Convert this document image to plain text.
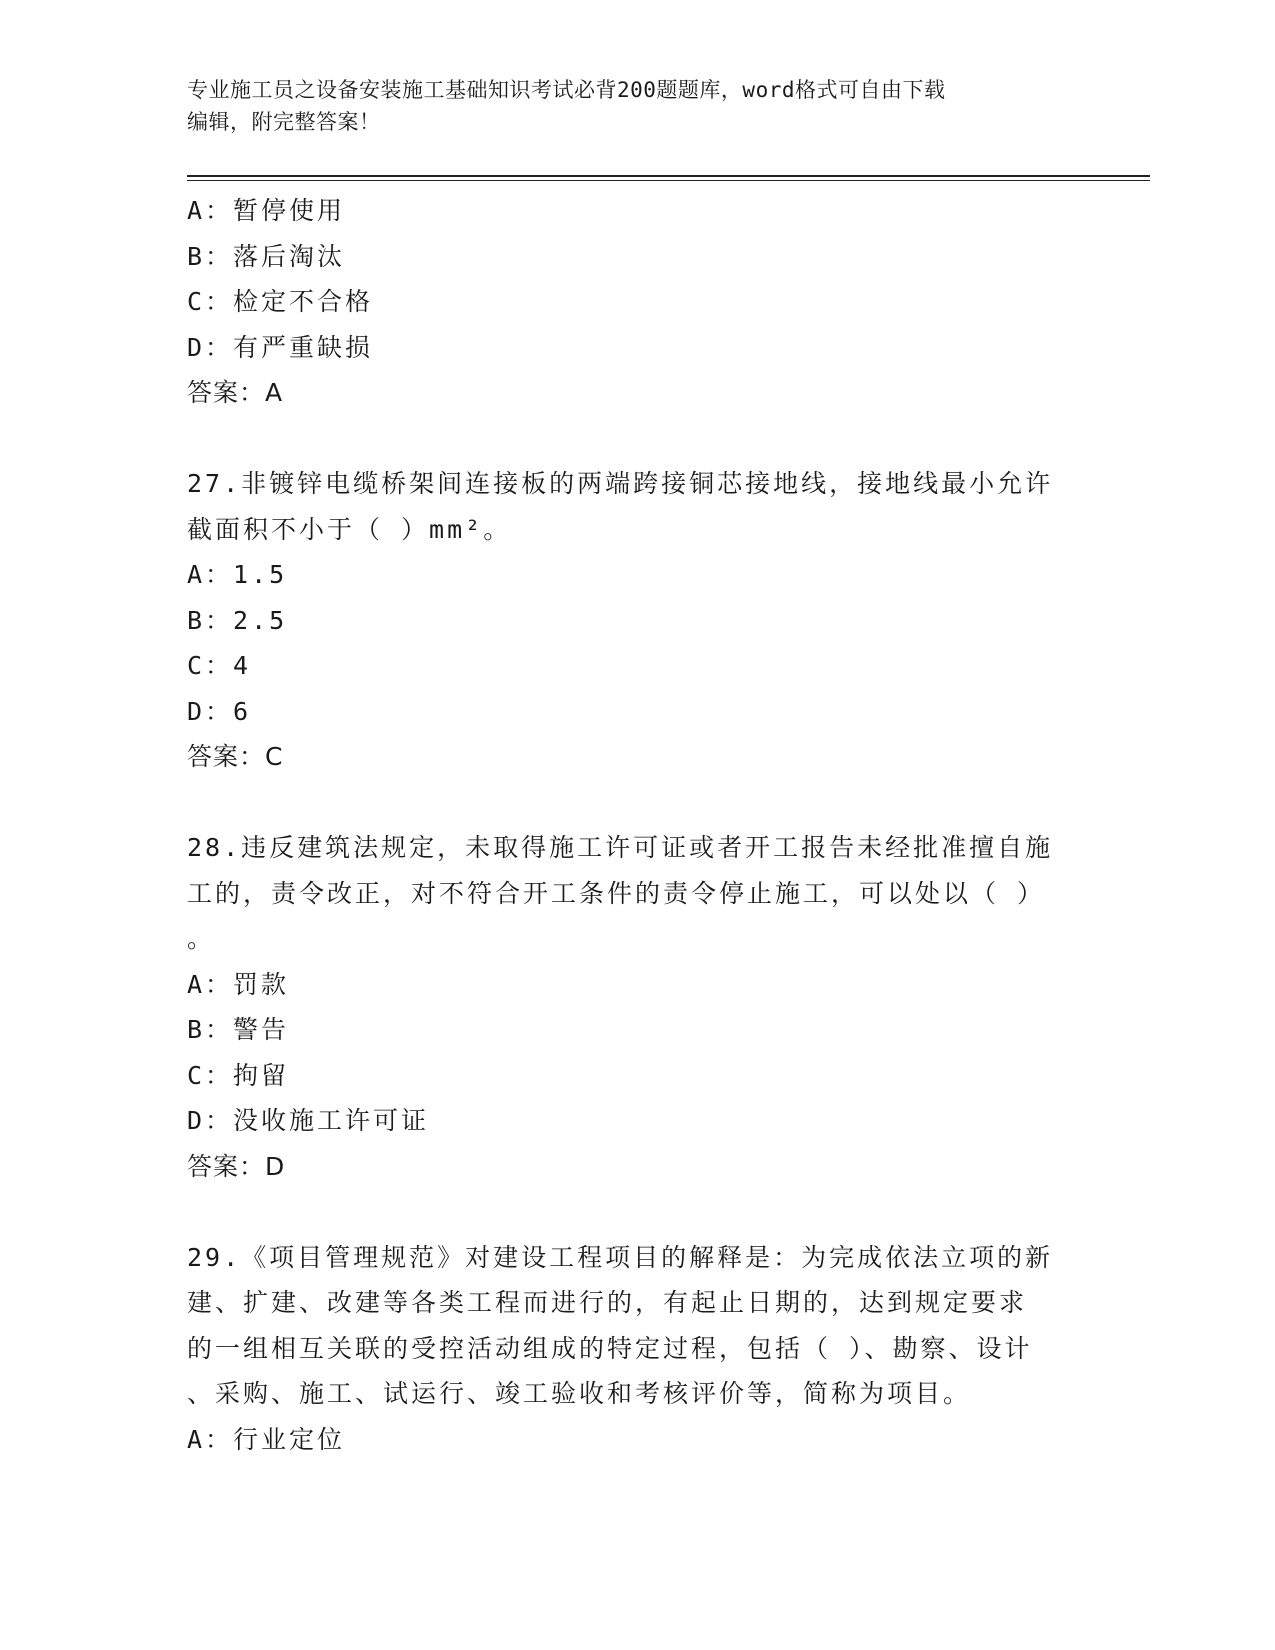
专业施工员之设备安装施工基础知识考试必背200题题库，word格式可自由下载
编辑，附完整答案！
A：暂停使用
B：落后淘汰
C：检定不合格
D：有严重缺损
答案：A
27.非镀锌电缆桥架间连接板的两端跨接铜芯接地线，接地线最小允许
截面积不小于（ ）mm²。
A：1.5
B：2.5
C：4
D：6
答案：C
28.违反建筑法规定，未取得施工许可证或者开工报告未经批准擅自施
工的，责令改正，对不符合开工条件的责令停止施工，可以处以（ ）
。
A：罚款
B：警告
C：拘留
D：没收施工许可证
答案：D
29.《项目管理规范》对建设工程项目的解释是：为完成依法立项的新
建、扩建、改建等各类工程而进行的，有起止日期的，达到规定要求
的一组相互关联的受控活动组成的特定过程，包括（ ）、勘察、设计
、采购、施工、试运行、竣工验收和考核评价等，简称为项目。
A：行业定位
